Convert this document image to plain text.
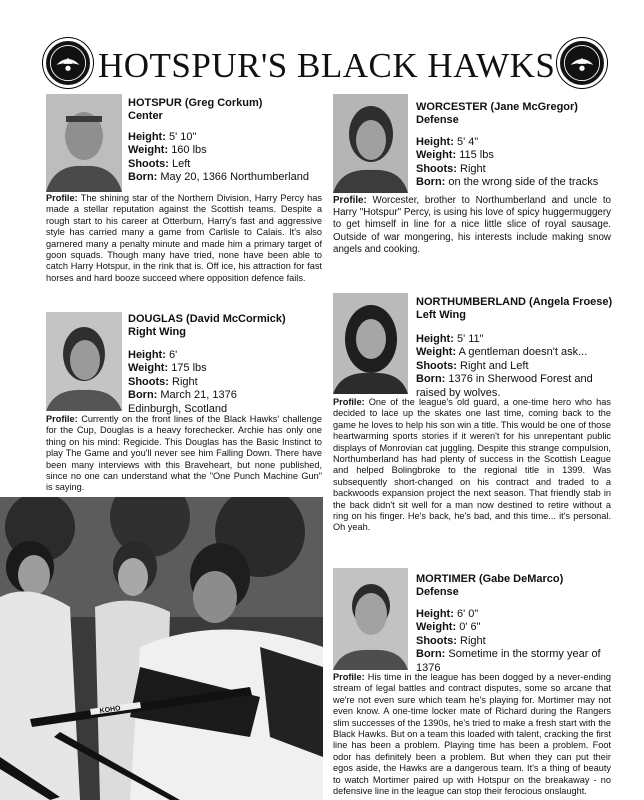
HOTSPUR'S BLACK HAWKS
HOTSPUR (Greg Corkum)
Center
Height: 5' 10"
Weight: 160 lbs
Shoots: Left
Born: May 20, 1366 Northumberland

Profile: The shining star of the Northern Division, Harry Percy has made a stellar reputation against the Scottish teams. Despite a rough start to his career at Otterburn, Harry's fast and aggressive style has carried many a game from Carlisle to Calais. It's also garnered many a penalty minute and made him a primary target of goon squads. Though many have tried, none have been able to catch Harry Hotspur, in the rink that is. Off ice, his attraction for fast horses and hard booze succeed where opposition defence fails.

WORCESTER (Jane McGregor)
Defense
Height: 5' 4"
Weight: 115 lbs
Shoots: Right
Born: on the wrong side of the tracks

Profile: Worcester, brother to Northumberland and uncle to Harry "Hotspur" Percy, is using his love of spicy huggermuggery to get himself in line for a nice little slice of royal sausage. Outside of war mongering, his interests include making snow angels and cooking.

DOUGLAS (David McCormick)
Right Wing
Height: 6'
Weight: 175 lbs
Shoots: Right
Born: March 21, 1376
Edinburgh, Scotland

Profile: Currently on the front lines of the Black Hawks' challenge for the Cup, Douglas is a heavy forechecker. Archie has only one thing on his mind: Regicide. This Douglas has the Basic Instinct to play The Game and you'll never see him Falling Down. There have been many interviews with this Braveheart, but none published, since no one can understand what the "One Punch Machine Gun" is saying.

NORTHUMBERLAND (Angela Froese)
Left Wing
Height: 5' 11"
Weight: A gentleman doesn't ask...
Shoots: Right and Left
Born: 1376 in Sherwood Forest and
raised by wolves.

Profile: One of the league's old guard, a one-time hero who has decided to lace up the skates one last time, coming back to the game he loves to help his son win a title. This would be one of those heartwarming sports stories if it weren't for his unrepentant public displays of Monrovian cat juggling. Despite this strange compulsion, Northumberland has had plenty of success in the Scottish League and helped Bolingbroke to the regional title in 1399. Was subsequently short-changed on his contract and traded to a backwoods expansion project the next season. That friendly stab in the back didn't sit well for a man now destined to retire without a ring on his finger. He's back, he's bad, and this time... it's personal. Oh yeah.

MORTIMER (Gabe DeMarco)
Defense
Height: 6' 0"
Weight: 0' 6"
Shoots: Right
Born: Sometime in the stormy year of
1376

Profile: His time in the league has been dogged by a never-ending stream of legal battles and contract disputes, some so arcane that we're not even sure which team he's playing for. Mortimer may not even know. A one-time locker mate of Richard during the Rangers slim successes of the 1390s, he's tried to make a fresh start with the Black Hawks. But on a team this loaded with talent, cracking the first line has been a problem. Playing time has been a problem. Foot odor has definitely been a problem. But when they can put their egos aside, the Hawks are a dangerous team. It's a thing of beauty to watch Mortimer paired up with Hotspur on the breakaway - no defensive line in the league can stop their ferocious onslaught.

KOHO
